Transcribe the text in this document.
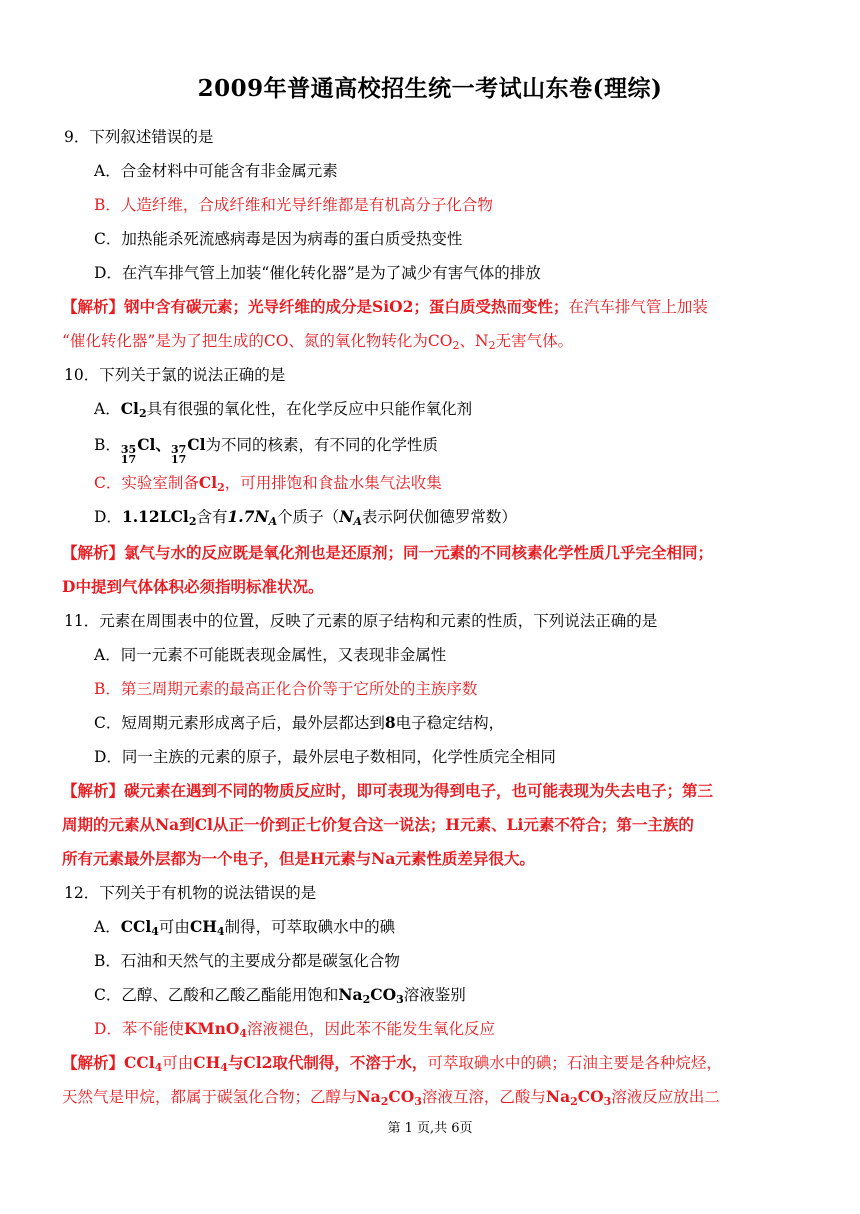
2009年普通高校招生统一考试山东卷(理综)
9．下列叙述错误的是
A．合金材料中可能含有非金属元素
B．人造纤维，合成纤维和光导纤维都是有机高分子化合物
C．加热能杀死流感病毒是因为病毒的蛋白质受热变性
D．在汽车排气管上加装“催化转化器”是为了减少有害气体的排放
【解析】钢中含有碳元素；光导纤维的成分是SiO2；蛋白质受热而变性；在汽车排气管上加装
“催化转化器”是为了把生成的CO、氮的氧化物转化为$CO_2$、$N_2$无害气体。
10．下列关于氯的说法正确的是
A．$Cl_2$具有很强的氧化性，在化学反应中只能作氧化剂
B． 35
17
Cl、 37
17
Cl为不同的核素，有不同的化学性质
C．实验室制备$Cl_2$，可用排饱和食盐水集气法收集
D．1.12LCl$_2$含有$1.7N_A$个质子（$N_A$表示阿伏伽德罗常数）
【解析】氯气与水的反应既是氧化剂也是还原剂；同一元素的不同核素化学性质几乎完全相同；
D中提到气体体积必须指明标准状况。
11．元素在周围表中的位置，反映了元素的原子结构和元素的性质，下列说法正确的是
A．同一元素不可能既表现金属性，又表现非金属性
B．第三周期元素的最高正化合价等于它所处的主族序数
C．短周期元素形成离子后，最外层都达到8电子稳定结构，
D．同一主族的元素的原子，最外层电子数相同，化学性质完全相同
【解析】碳元素在遇到不同的物质反应时，即可表现为得到电子，也可能表现为失去电子；第三
周期的元素从Na到Cl从正一价到正七价复合这一说法；H元素、Li元素不符合；第一主族的
所有元素最外层都为一个电子，但是H元素与Na元素性质差异很大。
12．下列关于有机物的说法错误的是
A．CCl$_4$可由$CH_4$制得，可萃取碘水中的碘
B．石油和天然气的主要成分都是碳氢化合物
C．乙醇、乙酸和乙酸乙酯能用饱和$Na_2CO_3$溶液鉴别
D．苯不能使KMnO$_4$溶液褪色，因此苯不能发生氧化反应
【解析】CCl$_4$可由$CH_4$与Cl2取代制得，不溶于水，可萃取碘水中的碘；石油主要是各种烷烃，
天然气是甲烷，都属于碳氢化合物；乙醇与$Na_2CO_3$溶液互溶，乙酸与$Na_2CO_3$溶液反应放出二
第 1 页,共 6页
